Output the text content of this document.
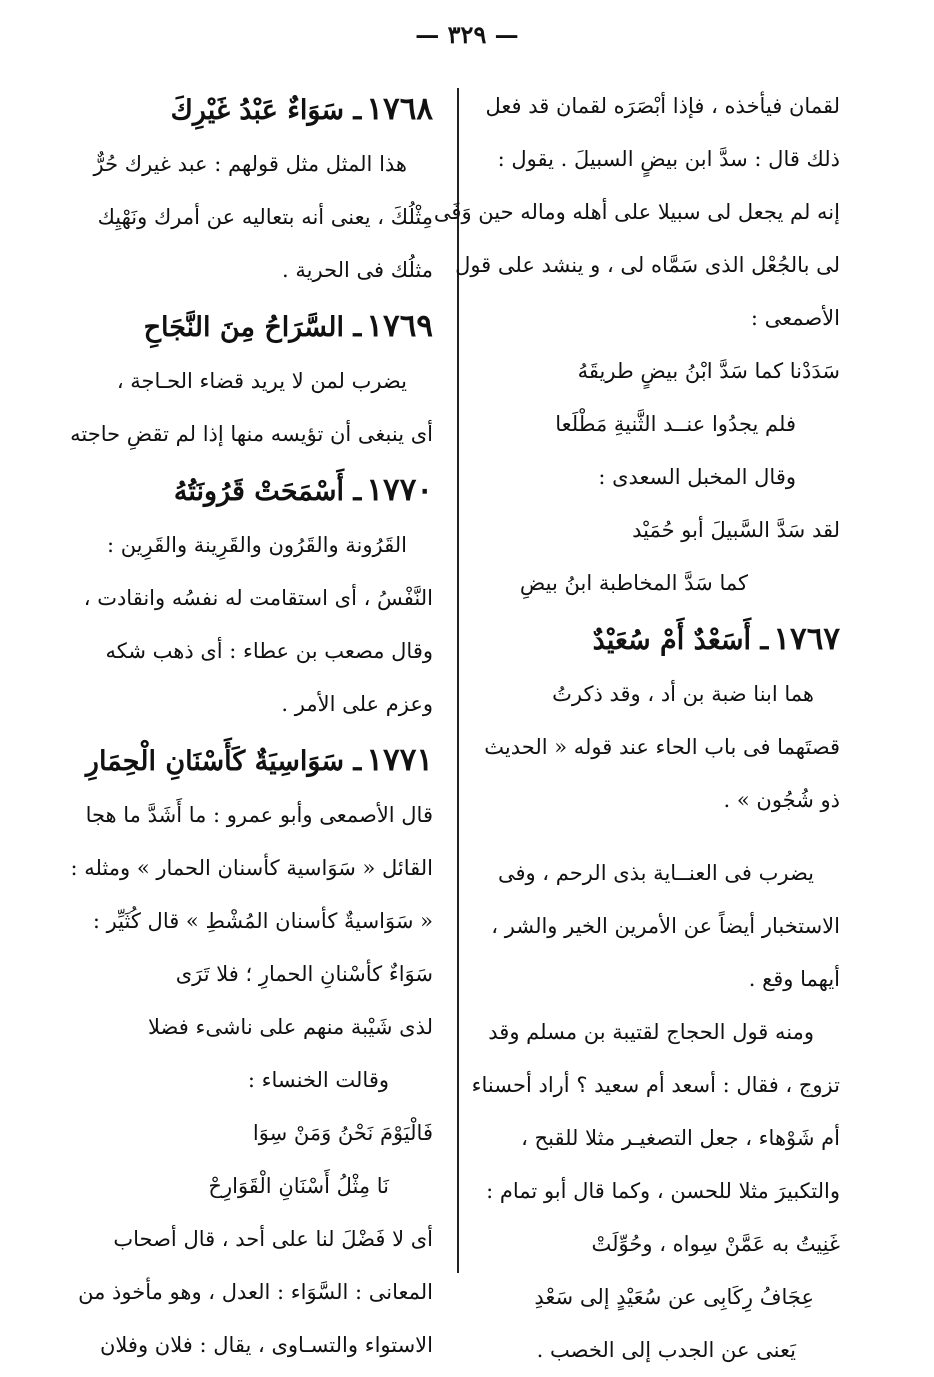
— ٣٢٩ —
لقمان فيأخذه ، فإذا أبْصَرَه لقمان قد فعل
ذلك قال : سدَّ ابن بيضٍ السبيلَ . يقول :
إنه لم يجعل لى سبيلا على أهله وماله حين وَفَى
لى بالجُعْل الذى سَمَّاه لى ، و ينشد على قول
الأصمعى :
سَدَدْنا كما سَدَّ ابْنُ بيضٍ طريقَهُ
فلم يجدُوا عنــد الثَّنيةِ مَطْلَعا
وقال المخبل السعدى :
لقد سَدَّ السَّبيلَ أبو حُمَيْد
كما سَدَّ المخاطبة ابنُ بيضِ
١٧٦٧ ـ أَسَعْدٌ أَمْ سُعَيْدٌ
هما ابنا ضبة بن أد ، وقد ذكرتُ
قصتَهما فى باب الحاء عند قوله « الحديث
ذو شُجُون » .
يضرب فى العنــاية بذى الرحم ، وفى
الاستخبار أيضاً عن الأمرين الخير والشر ،
أيهما وقع .
ومنه قول الحجاج لقتيبة بن مسلم وقد
تزوج ، فقال : أسعد أم سعيد ؟ أراد أحسناء
أم شَوْهاء ، جعل التصغيـر مثلا للقبح ،
والتكبيرَ مثلا للحسن ، وكما قال أبو تمام :
غَنِيتُ به عَمَّنْ سِواه ، وحُوِّلَتْ
عِجَافُ رِكَابِى عن سُعَيْدٍ إلى سَعْدِ
يَعنى عن الجدب إلى الخصب .
١٧٦٨ ـ سَوَاءٌ عَبْدُ غَيْرِكَ
هذا المثل مثل قولهم : عبد غيرك حُرٌّ
مِثْلُكَ ، يعنى أنه بتعاليه عن أمرك ونَهْيِك
مثلُك فى الحرية .
١٧٦٩ ـ السَّرَاحُ مِنَ النَّجَاحِ
يضرب لمن لا يريد قضاء الحـاجة ،
أى ينبغى أن تؤيسه منها إذا لم تقضِ حاجته
١٧٧٠ ـ أَسْمَحَتْ قَرُونَتُهُ
القَرُونة والقَرُون والقَرِينة والقَرِين :
النَّفْسُ ، أى استقامت له نفسُه وانقادت ،
وقال مصعب بن عطاء : أى ذهب شكه
وعزم على الأمر .
١٧٧١ ـ سَوَاسِيَةٌ كَأَسْنَانِ الْحِمَارِ
قال الأصمعى وأبو عمرو : ما أَشَدَّ ما هجا
القائل « سَوَاسية كأسنان الحمار » ومثله :
« سَوَاسيةٌ كأسنان المُشْطِ » قال كُثَيِّر :
سَوَاءٌ كأسْنانِ الحمارِ ؛ فلا تَرَى
لذى شَيْبة منهم على ناشىء فضلا
وقالت الخنساء :
فَالْيَوْمَ نَحْنُ وَمَنْ سِوَا
نَا مِثْلُ أَسْنَانِ الْقَوَارِحْ
أى لا فَضْلَ لنا على أحد ، قال أصحاب
المعانى : السَّوَاء : العدل ، وهو مأخوذ من
الاستواء والتسـاوى ، يقال : فلان وفلان
